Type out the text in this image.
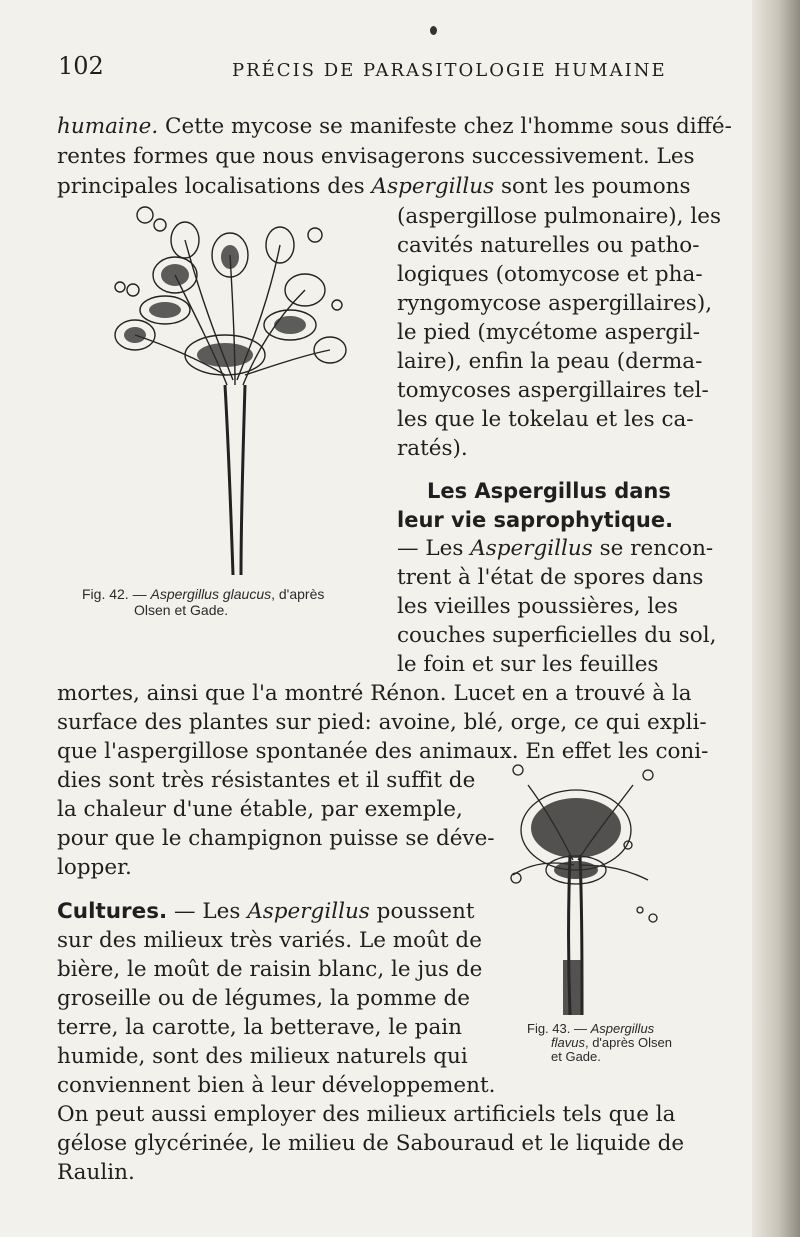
102	PRÉCIS DE PARASITOLOGIE HUMAINE
humaine. Cette mycose se manifeste chez l'homme sous diffé-
rentes formes que nous envisagerons successivement. Les
principales localisations des Aspergillus sont les poumons
(aspergillose pulmonaire), les
cavités naturelles ou patho-
logiques (otomycose et pha-
ryngomycose aspergillaires),
le pied (mycétome aspergil-
laire), enfin la peau (derma-
tomycoses aspergillaires tel-
les que le tokelau et les ca-
ratés).
Les Aspergillus dans
leur vie saprophytique.
— Les Aspergillus se rencon-
trent à l'état de spores dans
les vieilles poussières, les
couches superficielles du sol,
le foin et sur les feuilles
Fig. 42. — Aspergillus glaucus, d'après
Olsen et Gade.
mortes, ainsi que l'a montré Rénon. Lucet en a trouvé à la
surface des plantes sur pied: avoine, blé, orge, ce qui expli-
que l'aspergillose spontanée des animaux. En effet les coni-
dies sont très résistantes et il suffit de
la chaleur d'une étable, par exemple,
pour que le champignon puisse se déve-
lopper.
Cultures. — Les Aspergillus poussent
sur des milieux très variés. Le moût de
bière, le moût de raisin blanc, le jus de
groseille ou de légumes, la pomme de
terre, la carotte, la betterave, le pain
humide, sont des milieux naturels qui
Fig. 43. — Aspergillus
flavus, d'après Olsen
et Gade.
conviennent bien à leur développement.
On peut aussi employer des milieux artificiels tels que la
gélose glycérinée, le milieu de Sabouraud et le liquide de
Raulin.
